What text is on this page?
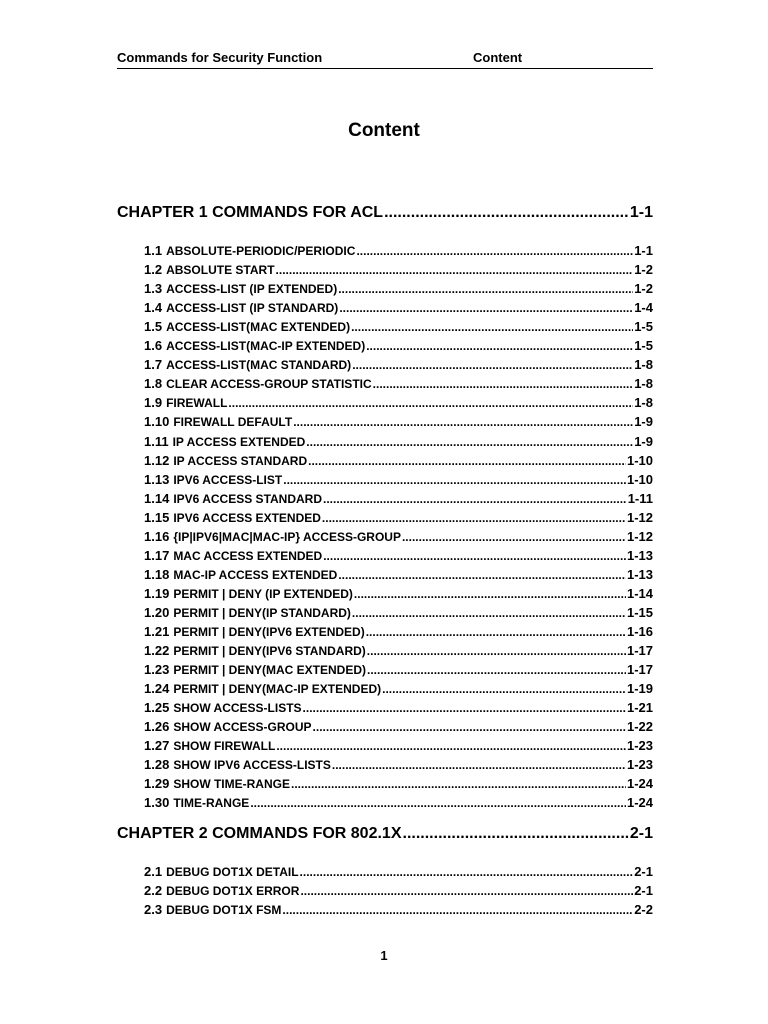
Commands for Security Function	Content
Content
CHAPTER 1 COMMANDS FOR ACL .....	1-1
1.1 ABSOLUTE-PERIODIC/PERIODIC .....	1-1
1.2 ABSOLUTE START .....	1-2
1.3 ACCESS-LIST (IP EXTENDED) .....	1-2
1.4 ACCESS-LIST (IP STANDARD) .....	1-4
1.5 ACCESS-LIST(MAC EXTENDED) .....	1-5
1.6 ACCESS-LIST(MAC-IP EXTENDED) .....	1-5
1.7 ACCESS-LIST(MAC STANDARD) .....	1-8
1.8 CLEAR ACCESS-GROUP STATISTIC .....	1-8
1.9 FIREWALL .....	1-8
1.10 FIREWALL DEFAULT .....	1-9
1.11 IP ACCESS EXTENDED .....	1-9
1.12 IP ACCESS STANDARD .....	1-10
1.13 IPV6 ACCESS-LIST .....	1-10
1.14 IPV6 ACCESS STANDARD .....	1-11
1.15 IPV6 ACCESS EXTENDED .....	1-12
1.16 {IP|IPV6|MAC|MAC-IP} ACCESS-GROUP .....	1-12
1.17 MAC ACCESS EXTENDED .....	1-13
1.18 MAC-IP ACCESS EXTENDED .....	1-13
1.19 PERMIT | DENY (IP EXTENDED) .....	1-14
1.20 PERMIT | DENY(IP STANDARD) .....	1-15
1.21 PERMIT | DENY(IPV6 EXTENDED) .....	1-16
1.22 PERMIT | DENY(IPV6 STANDARD) .....	1-17
1.23 PERMIT | DENY(MAC EXTENDED) .....	1-17
1.24 PERMIT | DENY(MAC-IP EXTENDED) .....	1-19
1.25 SHOW ACCESS-LISTS .....	1-21
1.26 SHOW ACCESS-GROUP .....	1-22
1.27 SHOW FIREWALL .....	1-23
1.28 SHOW IPV6 ACCESS-LISTS .....	1-23
1.29 SHOW TIME-RANGE .....	1-24
1.30 TIME-RANGE .....	1-24
CHAPTER 2 COMMANDS FOR 802.1X .....	2-1
2.1 DEBUG DOT1X DETAIL .....	2-1
2.2 DEBUG DOT1X ERROR .....	2-1
2.3 DEBUG DOT1X FSM .....	2-2
1
